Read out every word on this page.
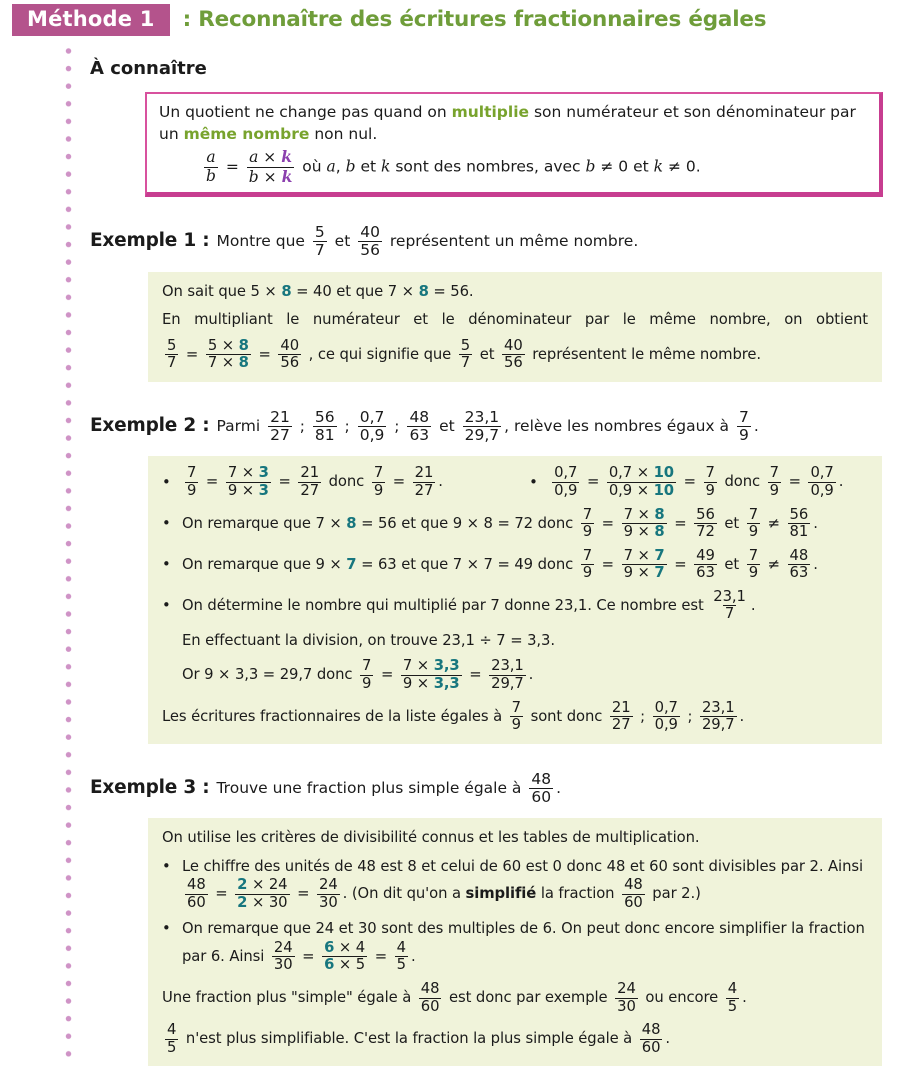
Méthode 1	: Reconnaître des écritures fractionnaires égales
À connaître

Un quotient ne change pas quand on multiplie son numérateur et son dénominateur par un même nombre non nul.

$\frac{a}{b} = \frac{a \times k}{b \times k}$ où a, b et k sont des nombres, avec b ≠ 0 et k ≠ 0.

Exemple 1 : Montre que $\frac{5}{7}$ et $\frac{40}{56}$ représentent un même nombre.
On sait que 5 × 8 = 40 et que 7 × 8 = 56.
En multipliant le numérateur et le dénominateur par le même nombre, on obtient
$\frac{5}{7} = \frac{5 \times 8}{7 \times 8} = \frac{40}{56}$ , ce qui signifie que $\frac{5}{7}$ et $\frac{40}{56}$ représentent le même nombre.
Exemple 2 : Parmi $\frac{21}{27}$ ; $\frac{56}{81}$ ; $\frac{0,7}{0,9}$ ; $\frac{48}{63}$ et $\frac{23,1}{29,7}$ , relève les nombres égaux à $\frac{7}{9}$ .
• $\frac{7}{9} = \frac{7 \times 3}{9 \times 3} = \frac{21}{27}$ donc $\frac{7}{9} = \frac{21}{27}$ .	• $\frac{0,7}{0,9} = \frac{0,7 \times 10}{0,9 \times 10} = \frac{7}{9}$ donc $\frac{7}{9} = \frac{0,7}{0,9}$ .
• On remarque que 7 × 8 = 56 et que 9 × 8 = 72 donc $\frac{7}{9} = \frac{7 \times 8}{9 \times 8} = \frac{56}{72}$ et $\frac{7}{9} \ne \frac{56}{81}$ .
• On remarque que 9 × 7 = 63 et que 7 × 7 = 49 donc $\frac{7}{9} = \frac{7 \times 7}{9 \times 7} = \frac{49}{63}$ et $\frac{7}{9} \ne \frac{48}{63}$ .
• On détermine le nombre qui multiplié par 7 donne 23,1. Ce nombre est $\frac{23,1}{7}$ .
En effectuant la division, on trouve 23,1 ÷ 7 = 3,3.
Or 9 × 3,3 = 29,7 donc $\frac{7}{9} = \frac{7 \times 3,3}{9 \times 3,3} = \frac{23,1}{29,7}$ .
Les écritures fractionnaires de la liste égales à $\frac{7}{9}$ sont donc $\frac{21}{27}$ ; $\frac{0,7}{0,9}$ ; $\frac{23,1}{29,7}$ .
Exemple 3 : Trouve une fraction plus simple égale à $\frac{48}{60}$ .
On utilise les critères de divisibilité connus et les tables de multiplication.
• Le chiffre des unités de 48 est 8 et celui de 60 est 0 donc 48 et 60 sont divisibles par 2. Ainsi
$\frac{48}{60} = \frac{2 \times 24}{2 \times 30} = \frac{24}{30}$ . (On dit qu'on a simplifié la fraction $\frac{48}{60}$ par 2.)
• On remarque que 24 et 30 sont des multiples de 6. On peut donc encore simplifier la fraction par 6. Ainsi $\frac{24}{30} = \frac{6 \times 4}{6 \times 5} = \frac{4}{5}$ .
Une fraction plus "simple" égale à $\frac{48}{60}$ est donc par exemple $\frac{24}{30}$ ou encore $\frac{4}{5}$ .
$\frac{4}{5} n'est$ plus simplifiable. C'est la fraction la plus simple égale à $\frac{48}{60}$ .
